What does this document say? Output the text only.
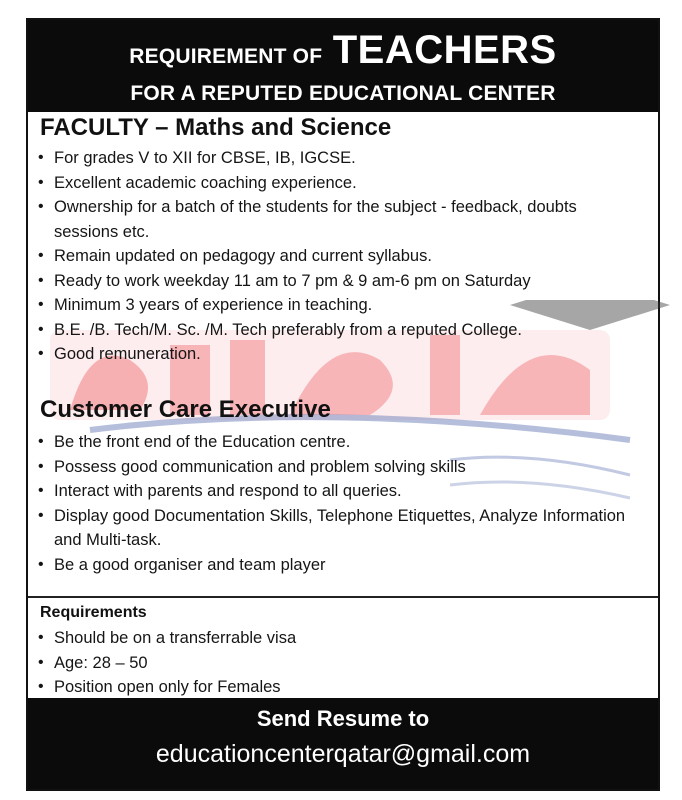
REQUIREMENT OF TEACHERS
FOR A REPUTED EDUCATIONAL CENTER
FACULTY – Maths and Science
• For grades V to XII for CBSE, IB, IGCSE.
• Excellent academic coaching experience.
• Ownership for a batch of the students for the subject - feedback, doubts sessions etc.
• Remain updated on pedagogy and current syllabus.
• Ready to work weekday 11 am to 7 pm & 9 am-6 pm on Saturday
• Minimum 3 years of experience in teaching.
• B.E. /B. Tech/M. Sc. /M. Tech preferably from a reputed College.
• Good remuneration.
Customer Care Executive
• Be the front end of the Education centre.
• Possess good communication and problem solving skills
• Interact with parents and respond to all queries.
• Display good Documentation Skills, Telephone Etiquettes, Analyze Information and Multi-task.
• Be a good organiser and team player
Requirements
• Should be on a transferrable visa
• Age: 28 – 50
• Position open only for Females
Send Resume to
educationcenterqatar@gmail.com
